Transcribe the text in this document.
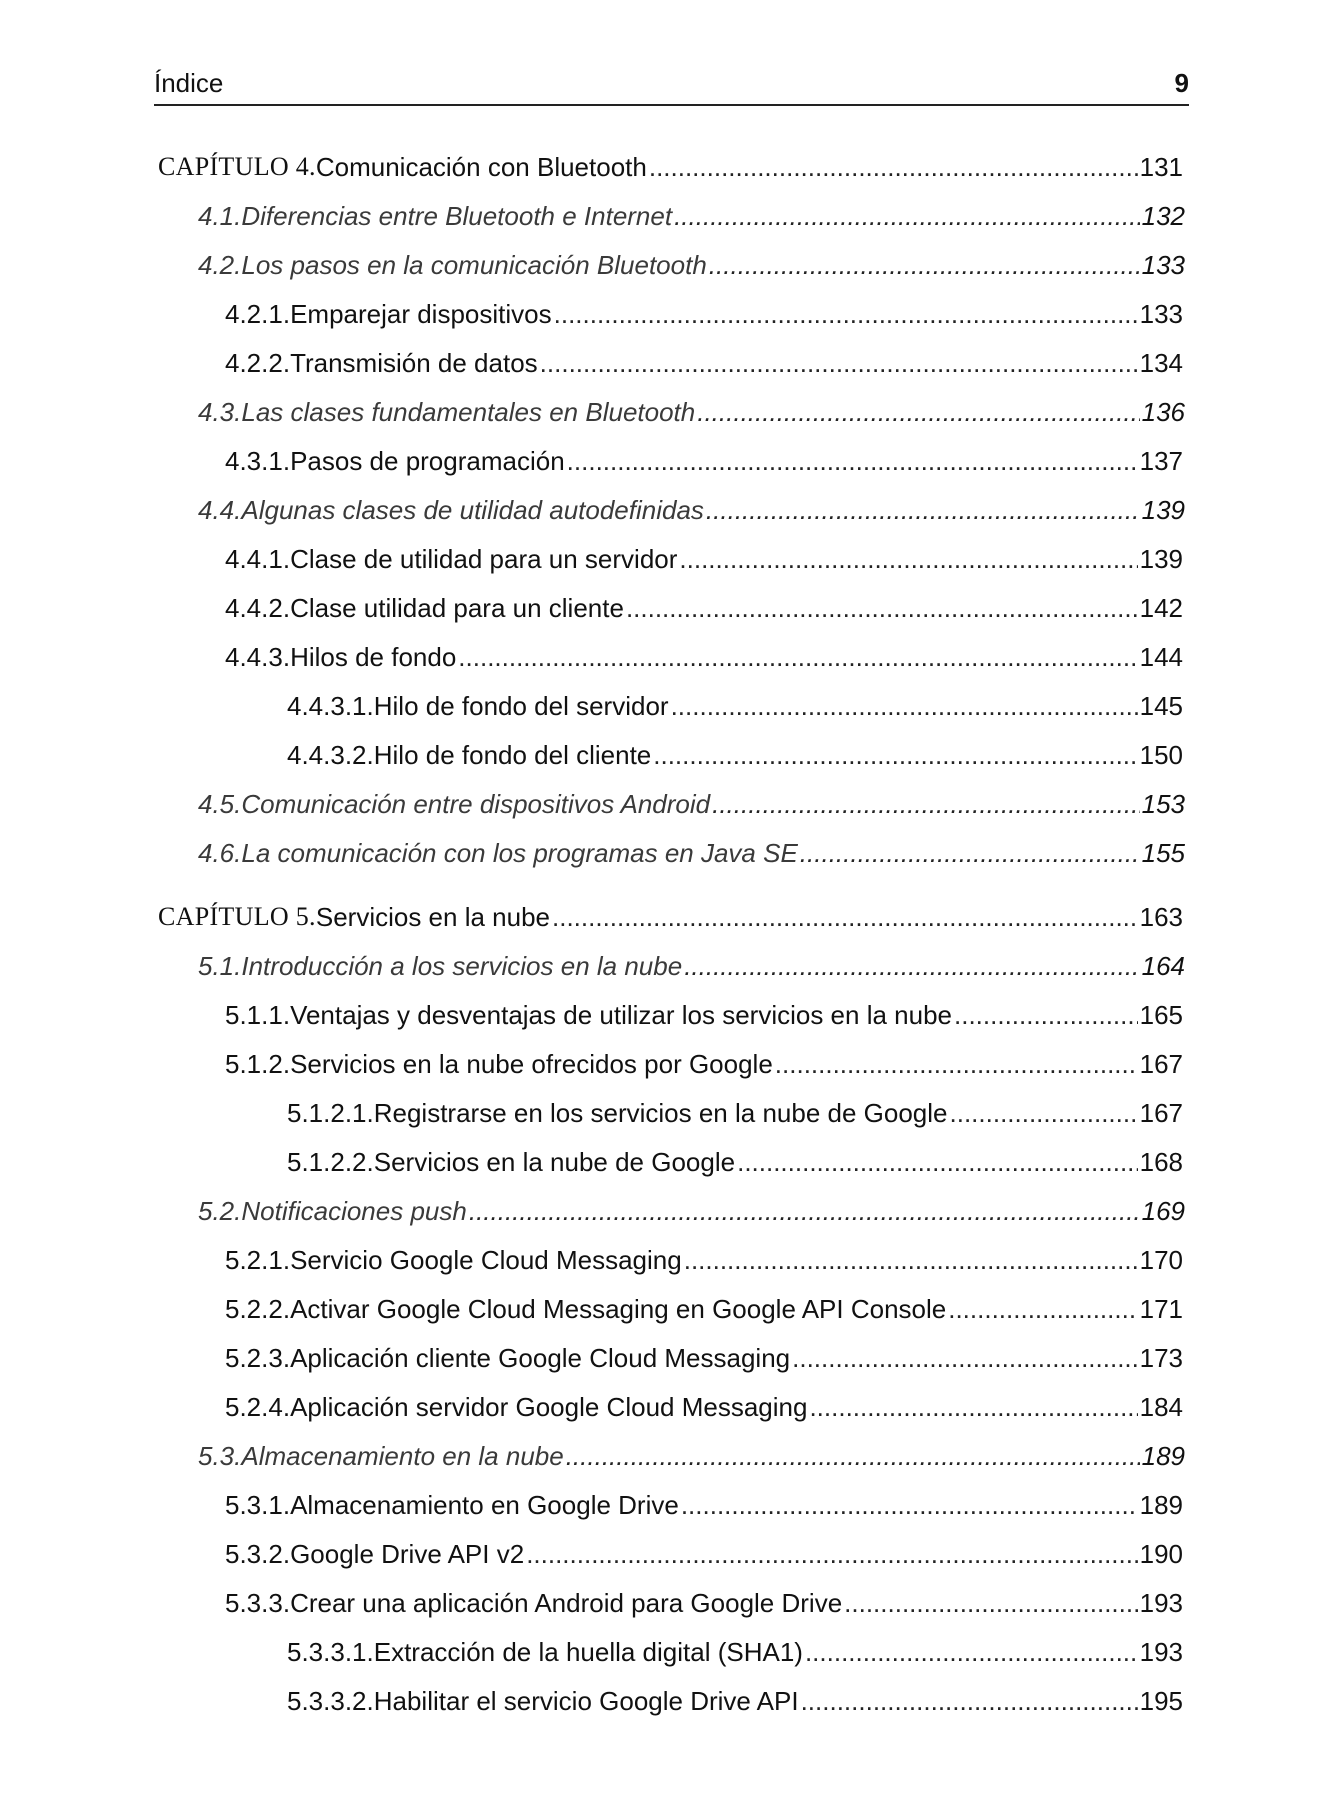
Índice	9
CAPÍTULO 4. Comunicación con Bluetooth .....	131
4.1. Diferencias entre Bluetooth e Internet .....	132
4.2. Los pasos en la comunicación Bluetooth .....	133
4.2.1. Emparejar dispositivos .....	133
4.2.2. Transmisión de datos .....	134
4.3. Las clases fundamentales en Bluetooth .....	136
4.3.1. Pasos de programación .....	137
4.4. Algunas clases de utilidad autodefinidas .....	139
4.4.1. Clase de utilidad para un servidor .....	139
4.4.2. Clase utilidad para un cliente .....	142
4.4.3. Hilos de fondo .....	144
4.4.3.1. Hilo de fondo del servidor .....	145
4.4.3.2. Hilo de fondo del cliente .....	150
4.5. Comunicación entre dispositivos Android .....	153
4.6. La comunicación con los programas en Java SE .....	155
CAPÍTULO 5. Servicios en la nube .....	163
5.1. Introducción a los servicios en la nube .....	164
5.1.1. Ventajas y desventajas de utilizar los servicios en la nube .....	165
5.1.2. Servicios en la nube ofrecidos por Google .....	167
5.1.2.1. Registrarse en los servicios en la nube de Google .....	167
5.1.2.2. Servicios en la nube de Google .....	168
5.2. Notificaciones push .....	169
5.2.1. Servicio Google Cloud Messaging .....	170
5.2.2. Activar Google Cloud Messaging en Google API Console .....	171
5.2.3. Aplicación cliente Google Cloud Messaging .....	173
5.2.4. Aplicación servidor Google Cloud Messaging .....	184
5.3. Almacenamiento en la nube .....	189
5.3.1. Almacenamiento en Google Drive .....	189
5.3.2. Google Drive API v2 .....	190
5.3.3. Crear una aplicación Android para Google Drive .....	193
5.3.3.1. Extracción de la huella digital (SHA1) .....	193
5.3.3.2. Habilitar el servicio Google Drive API .....	195
